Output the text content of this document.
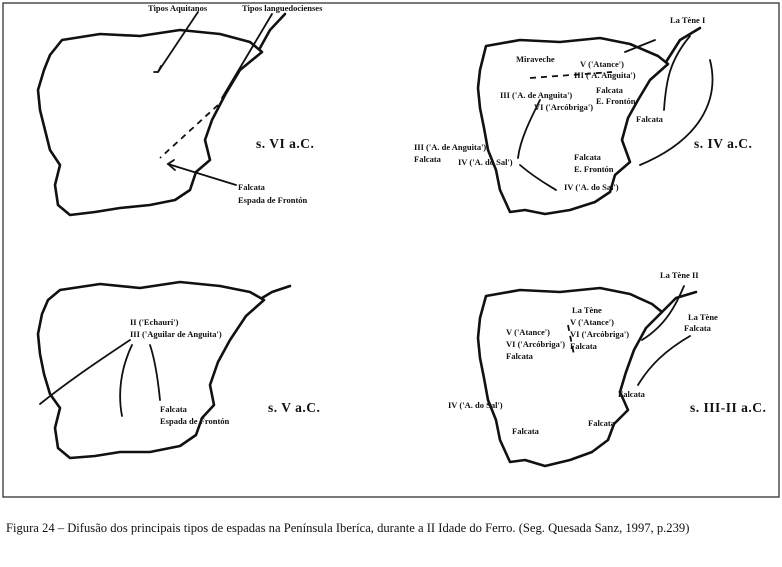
Tipos Aquitanos	Tipos languedocienses
Falcata
Espada de Frontón
s. VI a.C.
La Tène I
Miraveche	V ('Atance')
III ('A. Anguita')
Falcata
E. Frontón
III ('A. de Anguita')
VI ('Arcóbriga')
Falcata
III ('A. de Anguita')
Falcata IV ('A. do Sal')	Falcata
E. Frontón
IV ('A. do Sal')
s. IV a.C.
II ('Echauri')
III ('Aguilar de Anguita')
Falcata
Espada de Frontón
s. V a.C.
La Tène II
La Tène
V ('Atance')
VI ('Arcóbriga')
Falcata
La Tène
Falcata
V ('Atance')
VI ('Arcóbriga')
Falcata
Falcata
IV ('A. do Sal')
Falcata
Falcata
s. III-II a.C.
Figura 24 – Difusão dos principais tipos de espadas na Península Iberíca, durante a II Idade do Ferro. (Seg. Quesada Sanz, 1997, p.239)
